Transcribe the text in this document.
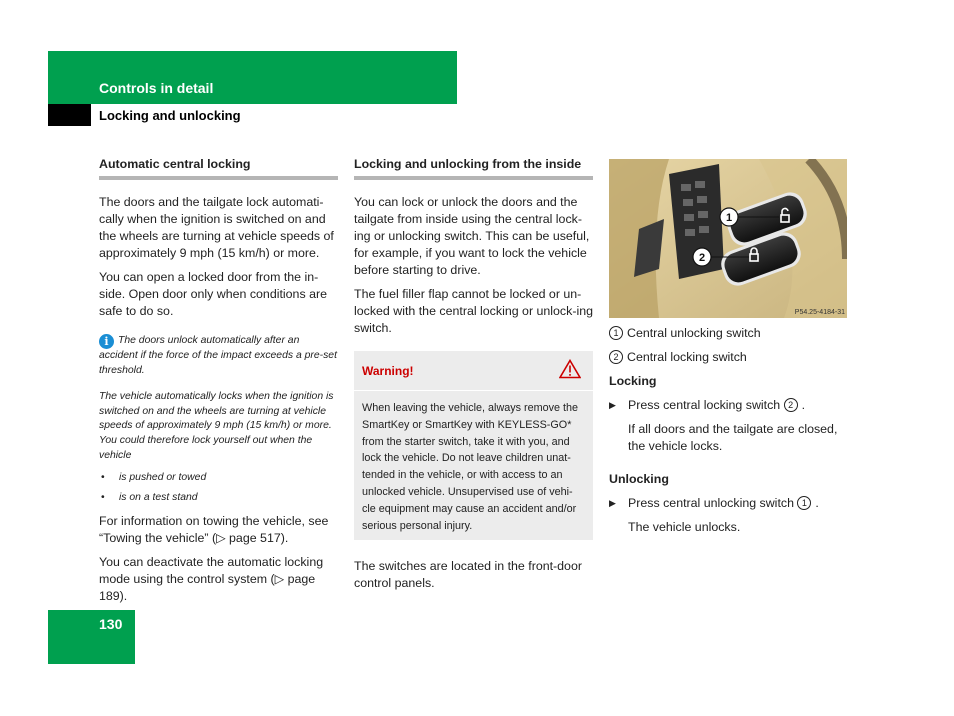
Controls in detail
Locking and unlocking
Automatic central locking

The doors and the tailgate lock automati-cally when the ignition is switched on and the wheels are turning at vehicle speeds of approximately 9 mph (15 km/h) or more.

You can open a locked door from the in-side. Open door only when conditions are safe to do so.

i The doors unlock automatically after an accident if the force of the impact exceeds a pre-set threshold.
The vehicle automatically locks when the ignition is switched on and the wheels are turning at vehicle speeds of approximately 9 mph (15 km/h) or more. You could therefore lock yourself out when the vehicle
• is pushed or towed
• is on a test stand

For information on towing the vehicle, see “Towing the vehicle” (▷ page 517).

You can deactivate the automatic locking mode using the control system (▷ page 189).

Locking and unlocking from the inside

You can lock or unlock the doors and the tailgate from inside using the central lock-ing or unlocking switch. This can be useful, for example, if you want to lock the vehicle before starting to drive.

The fuel filler flap cannot be locked or un-locked with the central locking or unlock-ing switch.

Warning!
When leaving the vehicle, always remove the SmartKey or SmartKey with KEYLESS-GO* from the starter switch, take it with you, and lock the vehicle. Do not leave children unat-tended in the vehicle, or with access to an unlocked vehicle. Unsupervised use of vehi-cle equipment may cause an accident and/or serious personal injury.

The switches are located in the front-door control panels.

1
2
P54.25-4184-31

1 Central unlocking switch

2 Central locking switch

Locking

▶ Press central locking switch 2 .

If all doors and the tailgate are closed, the vehicle locks.

Unlocking

▶ Press central unlocking switch 1 .

The vehicle unlocks.

130
